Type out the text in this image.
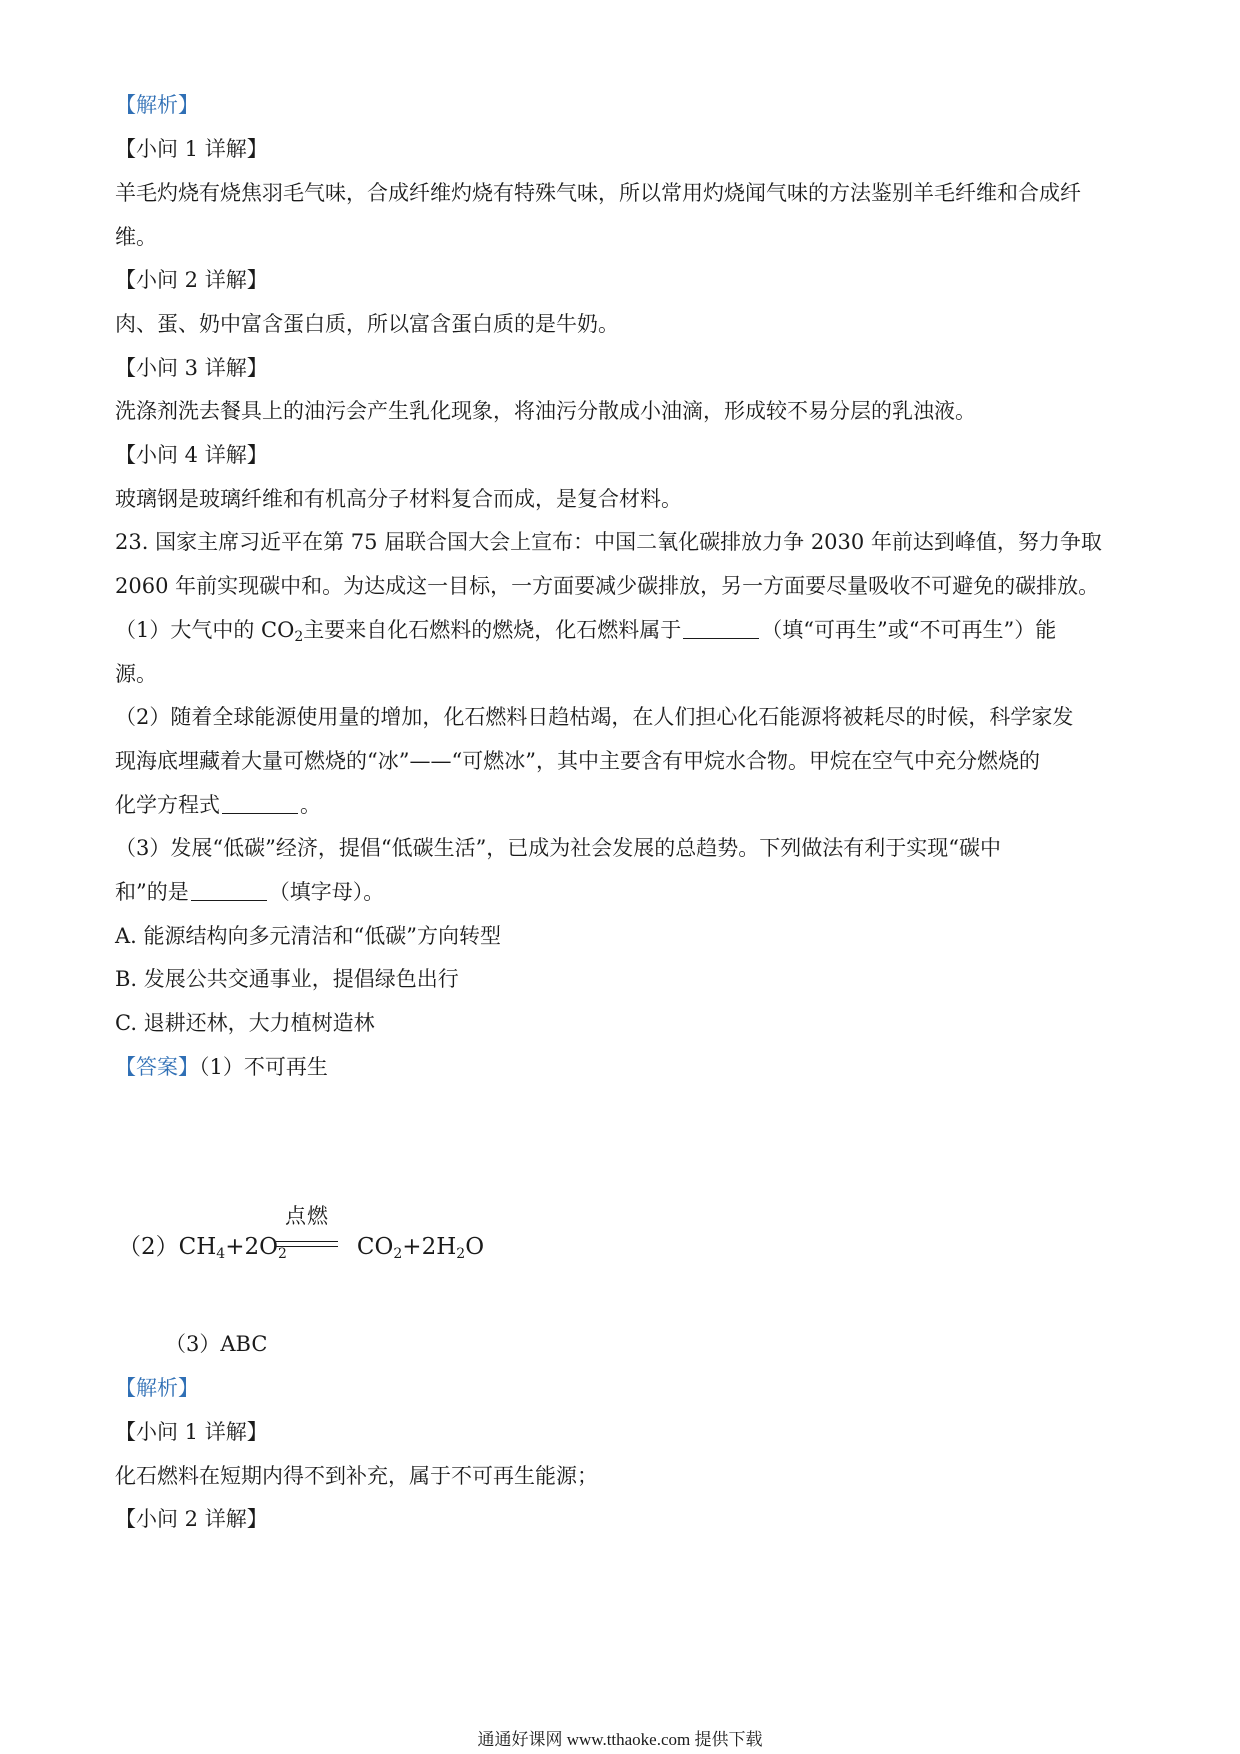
【解析】
【小问 1 详解】
羊毛灼烧有烧焦羽毛气味，合成纤维灼烧有特殊气味，所以常用灼烧闻气味的方法鉴别羊毛纤维和合成纤
维。
【小问 2 详解】
肉、蛋、奶中富含蛋白质，所以富含蛋白质的是牛奶。
【小问 3 详解】
洗涤剂洗去餐具上的油污会产生乳化现象，将油污分散成小油滴，形成较不易分层的乳浊液。
【小问 4 详解】
玻璃钢是玻璃纤维和有机高分子材料复合而成，是复合材料。
23. 国家主席习近平在第 75 届联合国大会上宣布：中国二氧化碳排放力争 2030 年前达到峰值，努力争取
2060 年前实现碳中和。为达成这一目标，一方面要减少碳排放，另一方面要尽量吸收不可避免的碳排放。
（1）大气中的 $CO_2$主要来自化石燃料的燃烧，化石燃料属于	（填“可再生”或“不可再生”）能
源。
（2）随着全球能源使用量的增加，化石燃料日趋枯竭，在人们担心化石能源将被耗尽的时候，科学家发
现海底埋藏着大量可燃烧的“冰”——“可燃冰”，其中主要含有甲烷水合物。甲烷在空气中充分燃烧的
化学方程式	。
（3）发展“低碳”经济，提倡“低碳生活”，已成为社会发展的总趋势。下列做法有利于实现“碳中
和”的是	（填字母）。
A. 能源结构向多元清洁和“低碳”方向转型
B. 发展公共交通事业，提倡绿色出行
C. 退耕还林，大力植树造林
【答案】（1）不可再生
$(2)CH_4+2O_2$	$CO_2+2H_2O$
点燃
（3）ABC
【解析】
【小问 1 详解】
化石燃料在短期内得不到补充，属于不可再生能源；
【小问 2 详解】
通通好课网 www.tthaoke.com 提供下载
